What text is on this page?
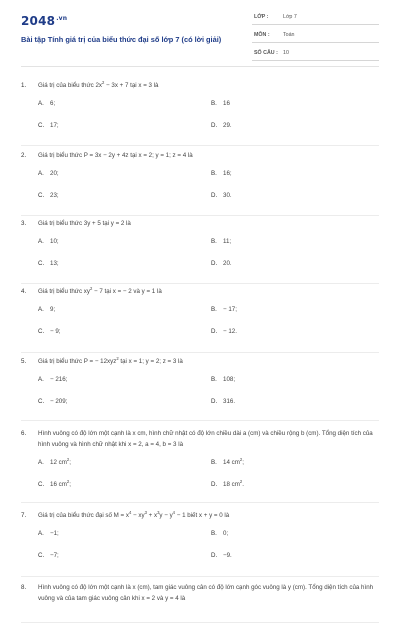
$2048^{.vn}$
Bài tập Tính giá trị của biểu thức đại số lớp 7 (có lời giải)
LỚP :	Lớp 7
MÔN :	Toán
SỐ CÂU : 10
1. Giá trị của biểu thức $2x^2 - 3x + 7$ tại x = 3 là
A. 6;	B. 16
C. 17;	D. 29.
2. Giá trị biểu thức P = 3x − 2y + 4z tại x = 2; y = 1; z = 4 là
A. 20;	B. 16;
C. 23;	D. 30.
3. Giá trị biểu thức 3y + 5 tại y = 2 là
A. 10;	B. 11;
C. 13;	D. 20.
4. Giá trị biểu thức $xy^2 - 7$ tại x = − 2 và y = 1 là
A. 9;	B. − 17;
C. − 9;	D. − 12.
5. Giá trị biểu thức P = − 12xyz$^2$ tại x = 1; y = 2; z = 3 là
A. − 216;	B. 108;
C. − 209;	D. 316.
6. Hình vuông có độ lớn một cạnh là x cm, hình chữ nhật có độ lớn chiều dài a (cm) và chiều rộng b (cm). Tổng diện tích của hình vuông và hình chữ nhật khi x = 2, a = 4, b = 3 là
A. 12 $cm^2$;	B. 14 $cm^2$;
C. 16 $cm^2$;	D. 18 $cm^2$.
7. Giá trị của biểu thức đại số $M = x^4 - xy^3 + x^3y - y^4 - 1$ biết x + y = 0 là
A. −1;	B. 0;
C. −7;	D. −9.
8. Hình vuông có độ lớn một cạnh là x (cm), tam giác vuông cân có độ lớn cạnh góc vuông là y (cm). Tổng diện tích của hình vuông và của tam giác vuông cân khi x = 2 và y = 4 là
